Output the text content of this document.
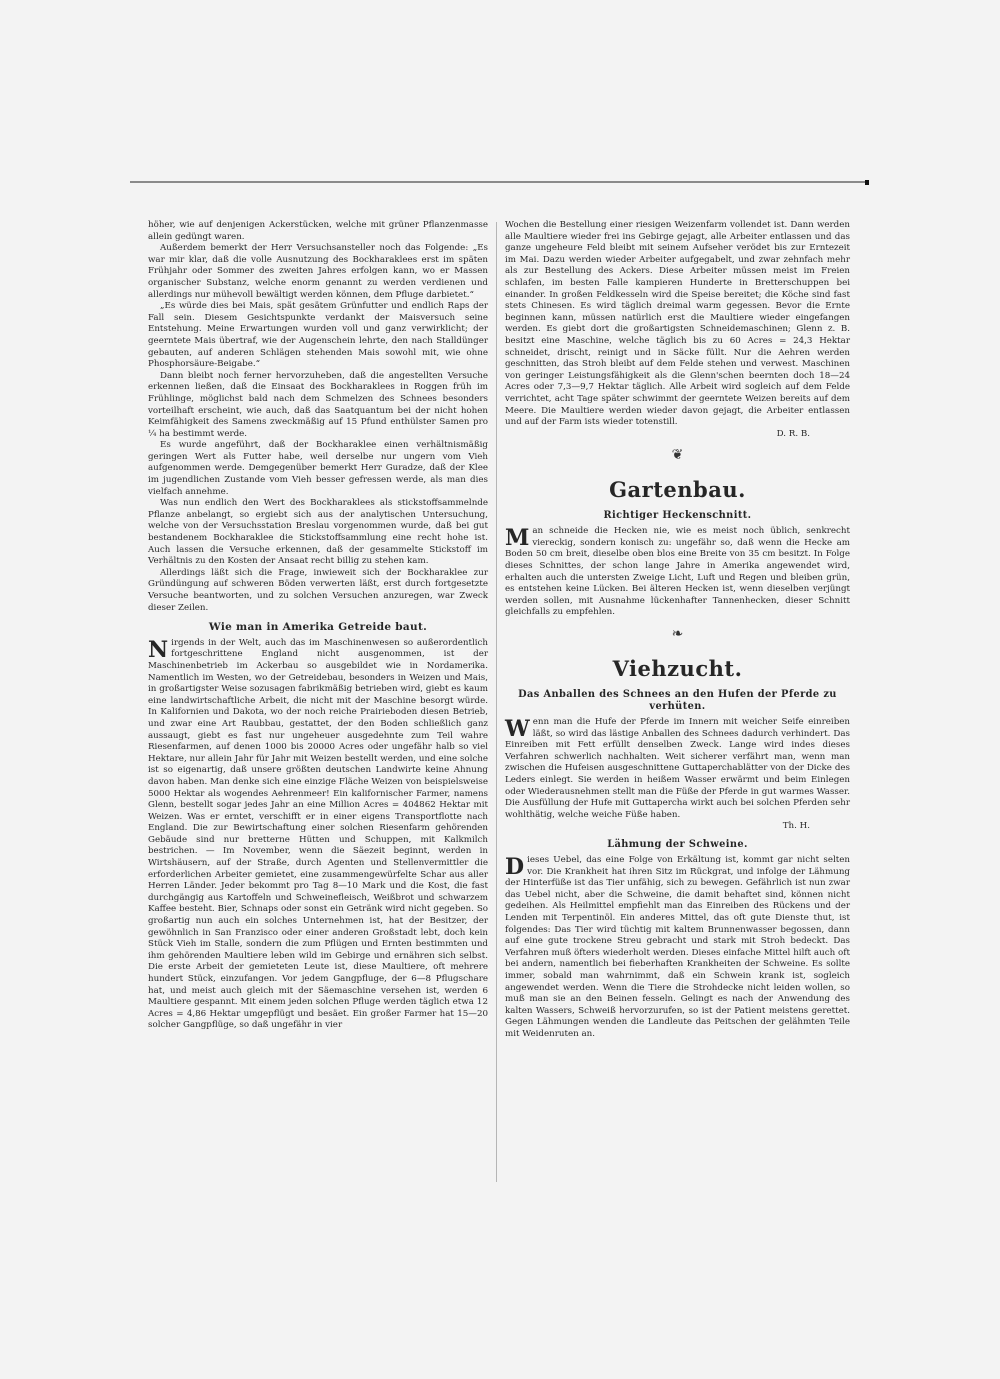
höher, wie auf denjenigen Ackerstücken, welche mit grüner Pflanzenmasse allein gedüngt waren.

Außerdem bemerkt der Herr Versuchsansteller noch das Folgende: „Es war mir klar, daß die volle Ausnutzung des Bockharaklees erst im späten Frühjahr oder Sommer des zweiten Jahres erfolgen kann, wo er Massen organischer Substanz, welche enorm genannt zu werden verdienen und allerdings nur mühevoll bewältigt werden können, dem Pfluge darbietet.“

„Es würde dies bei Mais, spät gesätem Grünfutter und endlich Raps der Fall sein. Diesem Gesichtspunkte verdankt der Maisversuch seine Entstehung. Meine Erwartungen wurden voll und ganz verwirklicht; der geerntete Mais übertraf, wie der Augenschein lehrte, den nach Stalldünger gebauten, auf anderen Schlägen stehenden Mais sowohl mit, wie ohne Phosphorsäure-Beigabe.“

Dann bleibt noch ferner hervorzuheben, daß die angestellten Versuche erkennen ließen, daß die Einsaat des Bockharaklees in Roggen früh im Frühlinge, möglichst bald nach dem Schmelzen des Schnees besonders vorteilhaft erscheint, wie auch, daß das Saatquantum bei der nicht hohen Keimfähigkeit des Samens zweckmäßig auf 15 Pfund enthülster Samen pro ¼ ha bestimmt werde.

Es wurde angeführt, daß der Bockharaklee einen verhältnismäßig geringen Wert als Futter habe, weil derselbe nur ungern vom Vieh aufgenommen werde. Demgegenüber bemerkt Herr Guradze, daß der Klee im jugendlichen Zustande vom Vieh besser gefressen werde, als man dies vielfach annehme.

Was nun endlich den Wert des Bockharaklees als stickstoffsammelnde Pflanze anbelangt, so ergiebt sich aus der analytischen Untersuchung, welche von der Versuchsstation Breslau vorgenommen wurde, daß bei gut bestandenem Bockharaklee die Stickstoffsammlung eine recht hohe ist. Auch lassen die Versuche erkennen, daß der gesammelte Stickstoff im Verhältnis zu den Kosten der Ansaat recht billig zu stehen kam.

Allerdings läßt sich die Frage, inwieweit sich der Bockharaklee zur Gründüngung auf schweren Böden verwerten läßt, erst durch fortgesetzte Versuche beantworten, und zu solchen Versuchen anzuregen, war Zweck dieser Zeilen.

Wie man in Amerika Getreide baut.

Nirgends in der Welt, auch das im Maschinenwesen so außerordentlich fortgeschrittene England nicht ausgenommen, ist der Maschinenbetrieb im Ackerbau so ausgebildet wie in Nordamerika. Namentlich im Westen, wo der Getreidebau, besonders in Weizen und Mais, in großartigster Weise sozusagen fabrikmäßig betrieben wird, giebt es kaum eine landwirtschaftliche Arbeit, die nicht mit der Maschine besorgt würde. In Kalifornien und Dakota, wo der noch reiche Prairieboden diesen Betrieb, und zwar eine Art Raubbau, gestattet, der den Boden schließlich ganz aussaugt, giebt es fast nur ungeheuer ausgedehnte zum Teil wahre Riesenfarmen, auf denen 1000 bis 20000 Acres oder ungefähr halb so viel Hektare, nur allein Jahr für Jahr mit Weizen bestellt werden, und eine solche ist so eigenartig, daß unsere größten deutschen Landwirte keine Ahnung davon haben. Man denke sich eine einzige Fläche Weizen von beispielsweise 5000 Hektar als wogendes Aehrenmeer! Ein kalifornischer Farmer, namens Glenn, bestellt sogar jedes Jahr an eine Million Acres = 404862 Hektar mit Weizen. Was er erntet, verschifft er in einer eigens Transportflotte nach England. Die zur Bewirtschaftung einer solchen Riesenfarm gehörenden Gebäude sind nur bretterne Hütten und Schuppen, mit Kalkmilch bestrichen. — Im November, wenn die Säezeit beginnt, werden in Wirtshäusern, auf der Straße, durch Agenten und Stellenvermittler die erforderlichen Arbeiter gemietet, eine zusammengewürfelte Schar aus aller Herren Länder. Jeder bekommt pro Tag 8—10 Mark und die Kost, die fast durchgängig aus Kartoffeln und Schweinefleisch, Weißbrot und schwarzem Kaffee besteht. Bier, Schnaps oder sonst ein Getränk wird nicht gegeben. So großartig nun auch ein solches Unternehmen ist, hat der Besitzer, der gewöhnlich in San Franzisco oder einer anderen Großstadt lebt, doch kein Stück Vieh im Stalle, sondern die zum Pflügen und Ernten bestimmten und ihm gehörenden Maultiere leben wild im Gebirge und ernähren sich selbst. Die erste Arbeit der gemieteten Leute ist, diese Maultiere, oft mehrere hundert Stück, einzufangen. Vor jedem Gangpfluge, der 6—8 Pflugschare hat, und meist auch gleich mit der Säemaschine versehen ist, werden 6 Maultiere gespannt. Mit einem jeden solchen Pfluge werden täglich etwa 12 Acres = 4,86 Hektar umgepflügt und besäet. Ein großer Farmer hat 15—20 solcher Gangpflüge, so daß ungefähr in vier

Wochen die Bestellung einer riesigen Weizenfarm vollendet ist. Dann werden alle Maultiere wieder frei ins Gebirge gejagt, alle Arbeiter entlassen und das ganze ungeheure Feld bleibt mit seinem Aufseher verödet bis zur Erntezeit im Mai. Dazu werden wieder Arbeiter aufgegabelt, und zwar zehnfach mehr als zur Bestellung des Ackers. Diese Arbeiter müssen meist im Freien schlafen, im besten Falle kampieren Hunderte in Bretterschuppen bei einander. In großen Feldkesseln wird die Speise bereitet; die Köche sind fast stets Chinesen. Es wird täglich dreimal warm gegessen. Bevor die Ernte beginnen kann, müssen natürlich erst die Maultiere wieder eingefangen werden. Es giebt dort die großartigsten Schneidemaschinen; Glenn z. B. besitzt eine Maschine, welche täglich bis zu 60 Acres = 24,3 Hektar schneidet, drischt, reinigt und in Säcke füllt. Nur die Aehren werden geschnitten, das Stroh bleibt auf dem Felde stehen und verwest. Maschinen von geringer Leistungsfähigkeit als die Glenn'schen beernten doch 18—24 Acres oder 7,3—9,7 Hektar täglich. Alle Arbeit wird sogleich auf dem Felde verrichtet, acht Tage später schwimmt der geerntete Weizen bereits auf dem Meere. Die Maultiere werden wieder davon gejagt, die Arbeiter entlassen und auf der Farm ists wieder totenstill.

D. R. B.

❦
Gartenbau.
Richtiger Heckenschnitt.

Man schneide die Hecken nie, wie es meist noch üblich, senkrecht viereckig, sondern konisch zu: ungefähr so, daß wenn die Hecke am Boden 50 cm breit, dieselbe oben blos eine Breite von 35 cm besitzt. In Folge dieses Schnittes, der schon lange Jahre in Amerika angewendet wird, erhalten auch die untersten Zweige Licht, Luft und Regen und bleiben grün, es entstehen keine Lücken. Bei älteren Hecken ist, wenn dieselben verjüngt werden sollen, mit Ausnahme lückenhafter Tannenhecken, dieser Schnitt gleichfalls zu empfehlen.

❧
Viehzucht.
Das Anballen des Schnees an den Hufen der Pferde zu verhüten.

Wenn man die Hufe der Pferde im Innern mit weicher Seife einreiben läßt, so wird das lästige Anballen des Schnees dadurch verhindert. Das Einreiben mit Fett erfüllt denselben Zweck. Lange wird indes dieses Verfahren schwerlich nachhalten. Weit sicherer verfährt man, wenn man zwischen die Hufeisen ausgeschnittene Guttaperchablätter von der Dicke des Leders einlegt. Sie werden in heißem Wasser erwärmt und beim Einlegen oder Wiederausnehmen stellt man die Füße der Pferde in gut warmes Wasser. Die Ausfüllung der Hufe mit Guttapercha wirkt auch bei solchen Pferden sehr wohlthätig, welche weiche Füße haben.

Th. H.

Lähmung der Schweine.

Dieses Uebel, das eine Folge von Erkältung ist, kommt gar nicht selten vor. Die Krankheit hat ihren Sitz im Rückgrat, und infolge der Lähmung der Hinterfüße ist das Tier unfähig, sich zu bewegen. Gefährlich ist nun zwar das Uebel nicht, aber die Schweine, die damit behaftet sind, können nicht gedeihen. Als Heilmittel empfiehlt man das Einreiben des Rückens und der Lenden mit Terpentinöl. Ein anderes Mittel, das oft gute Dienste thut, ist folgendes: Das Tier wird tüchtig mit kaltem Brunnenwasser begossen, dann auf eine gute trockene Streu gebracht und stark mit Stroh bedeckt. Das Verfahren muß öfters wiederholt werden. Dieses einfache Mittel hilft auch oft bei andern, namentlich bei fieberhaften Krankheiten der Schweine. Es sollte immer, sobald man wahrnimmt, daß ein Schwein krank ist, sogleich angewendet werden. Wenn die Tiere die Strohdecke nicht leiden wollen, so muß man sie an den Beinen fesseln. Gelingt es nach der Anwendung des kalten Wassers, Schweiß hervorzurufen, so ist der Patient meistens gerettet. Gegen Lähmungen wenden die Landleute das Peitschen der gelähmten Teile mit Weidenruten an.
